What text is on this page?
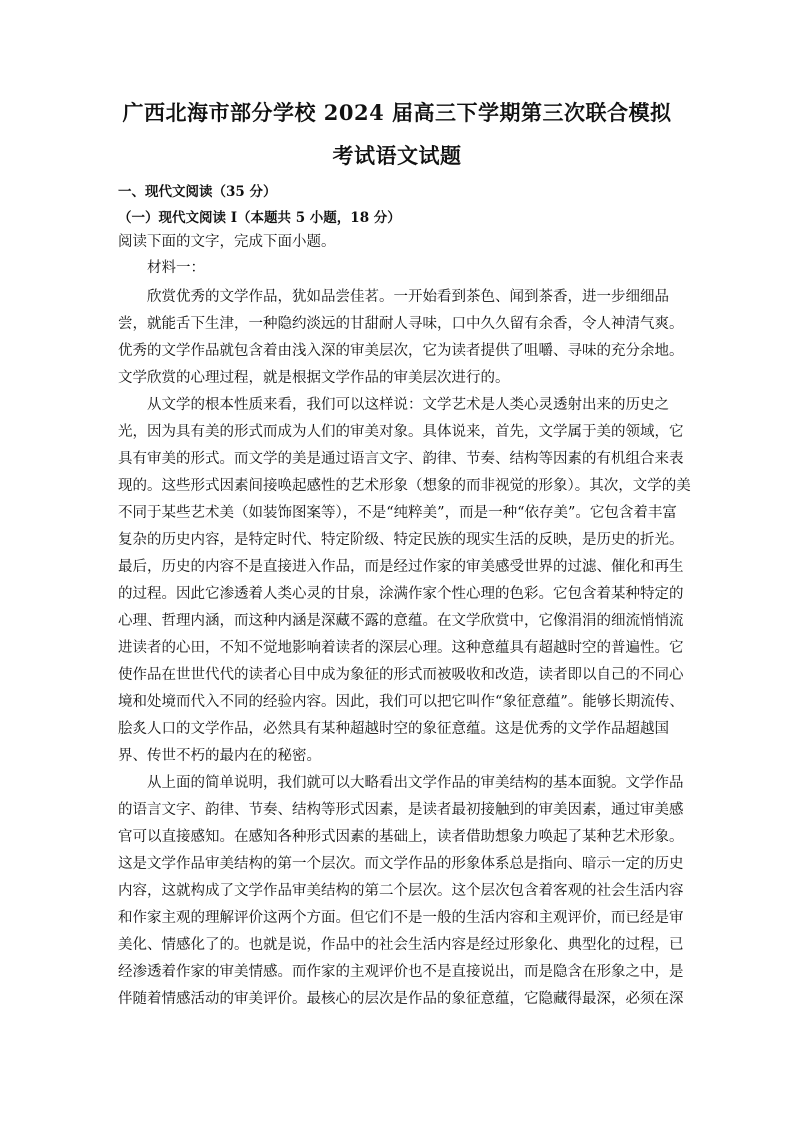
广西北海市部分学校 2024 届高三下学期第三次联合模拟
考试语文试题
一、现代文阅读（35 分）
（一）现代文阅读 I（本题共 5 小题，18 分）
阅读下面的文字，完成下面小题。
材料一：
欣赏优秀的文学作品，犹如品尝佳茗。一开始看到茶色、闻到茶香，进一步细细品
尝，就能舌下生津，一种隐约淡远的甘甜耐人寻味，口中久久留有余香，令人神清气爽。
优秀的文学作品就包含着由浅入深的审美层次，它为读者提供了咀嚼、寻味的充分余地。
文学欣赏的心理过程，就是根据文学作品的审美层次进行的。
从文学的根本性质来看，我们可以这样说：文学艺术是人类心灵透射出来的历史之
光，因为具有美的形式而成为人们的审美对象。具体说来，首先，文学属于美的领域，它
具有审美的形式。而文学的美是通过语言文字、韵律、节奏、结构等因素的有机组合来表
现的。这些形式因素间接唤起感性的艺术形象（想象的而非视觉的形象）。其次，文学的美
不同于某些艺术美（如装饰图案等），不是“纯粹美”，而是一种“依存美”。它包含着丰富
复杂的历史内容，是特定时代、特定阶级、特定民族的现实生活的反映，是历史的折光。
最后，历史的内容不是直接进入作品，而是经过作家的审美感受世界的过滤、催化和再生
的过程。因此它渗透着人类心灵的甘泉，涂满作家个性心理的色彩。它包含着某种特定的
心理、哲理内涵，而这种内涵是深藏不露的意蕴。在文学欣赏中，它像涓涓的细流悄悄流
进读者的心田，不知不觉地影响着读者的深层心理。这种意蕴具有超越时空的普遍性。它
使作品在世世代代的读者心目中成为象征的形式而被吸收和改造，读者即以自己的不同心
境和处境而代入不同的经验内容。因此，我们可以把它叫作“象征意蕴”。能够长期流传、
脍炙人口的文学作品，必然具有某种超越时空的象征意蕴。这是优秀的文学作品超越国
界、传世不朽的最内在的秘密。
从上面的简单说明，我们就可以大略看出文学作品的审美结构的基本面貌。文学作品
的语言文字、韵律、节奏、结构等形式因素，是读者最初接触到的审美因素，通过审美感
官可以直接感知。在感知各种形式因素的基础上，读者借助想象力唤起了某种艺术形象。
这是文学作品审美结构的第一个层次。而文学作品的形象体系总是指向、暗示一定的历史
内容，这就构成了文学作品审美结构的第二个层次。这个层次包含着客观的社会生活内容
和作家主观的理解评价这两个方面。但它们不是一般的生活内容和主观评价，而已经是审
美化、情感化了的。也就是说，作品中的社会生活内容是经过形象化、典型化的过程，已
经渗透着作家的审美情感。而作家的主观评价也不是直接说出，而是隐含在形象之中，是
伴随着情感活动的审美评价。最核心的层次是作品的象征意蕴，它隐藏得最深，必须在深
